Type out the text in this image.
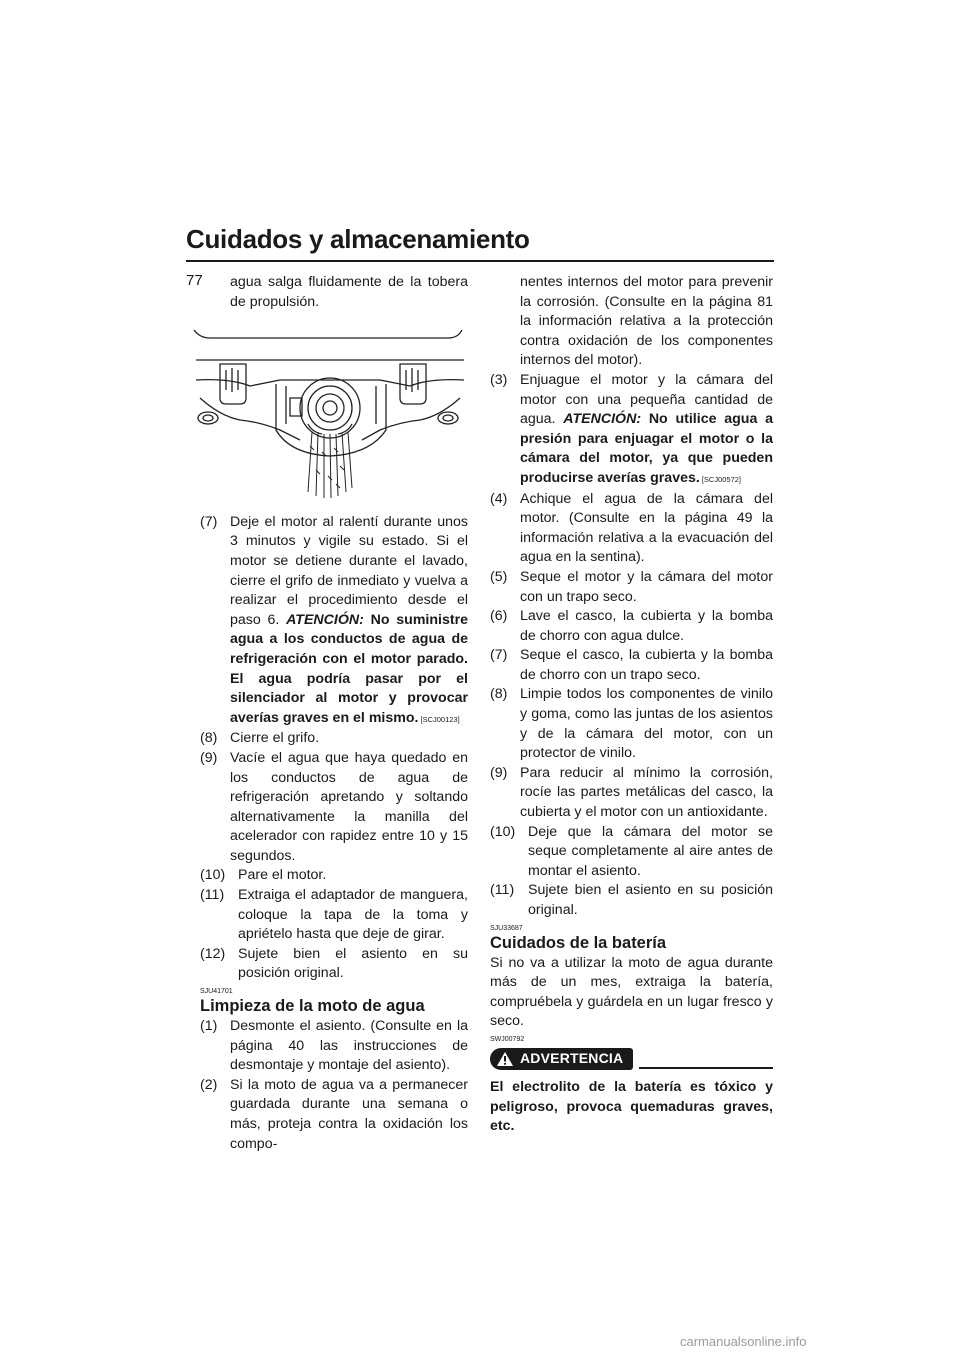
Cuidados y almacenamiento
77	agua salga fluidamente de la tobera de propulsión.

(7) Deje el motor al ralentí durante unos 3 minutos y vigile su estado. Si el motor se detiene durante el lavado, cierre el grifo de inmediato y vuelva a realizar el procedimiento desde el paso 6. ATENCIÓN: No suministre agua a los conductos de agua de refrigeración con el motor parado. El agua podría pasar por el silenciador al motor y provocar averías graves en el mismo. [SCJ00123]
(8) Cierre el grifo.
(9) Vacíe el agua que haya quedado en los conductos de agua de refrigeración apretando y soltando alternativamente la manilla del acelerador con rapidez entre 10 y 15 segundos.
(10) Pare el motor.
(11) Extraiga el adaptador de manguera, coloque la tapa de la toma y apriételo hasta que deje de girar.
(12) Sujete bien el asiento en su posición original.
SJU41701
Limpieza de la moto de agua
(1) Desmonte el asiento. (Consulte en la página 40 las instrucciones de desmontaje y montaje del asiento).
(2) Si la moto de agua va a permanecer guardada durante una semana o más, proteja contra la oxidación los compo-

nentes internos del motor para prevenir la corrosión. (Consulte en la página 81 la información relativa a la protección contra oxidación de los componentes internos del motor).

(3) Enjuague el motor y la cámara del motor con una pequeña cantidad de agua. ATENCIÓN: No utilice agua a presión para enjuagar el motor o la cámara del motor, ya que pueden producirse averías graves. [SCJ00572]
(4) Achique el agua de la cámara del motor. (Consulte en la página 49 la información relativa a la evacuación del agua en la sentina).
(5) Seque el motor y la cámara del motor con un trapo seco.
(6) Lave el casco, la cubierta y la bomba de chorro con agua dulce.
(7) Seque el casco, la cubierta y la bomba de chorro con un trapo seco.
(8) Limpie todos los componentes de vinilo y goma, como las juntas de los asientos y de la cámara del motor, con un protector de vinilo.
(9) Para reducir al mínimo la corrosión, rocíe las partes metálicas del casco, la cubierta y el motor con un antioxidante.
(10) Deje que la cámara del motor se seque completamente al aire antes de montar el asiento.
(11) Sujete bien el asiento en su posición original.
SJU33687
Cuidados de la batería

Si no va a utilizar la moto de agua durante más de un mes, extraiga la batería, compruébela y guárdela en un lugar fresco y seco.

SWJ00792
ADVERTENCIA

El electrolito de la batería es tóxico y peligroso, provoca quemaduras graves, etc.

carmanualsonline.info
